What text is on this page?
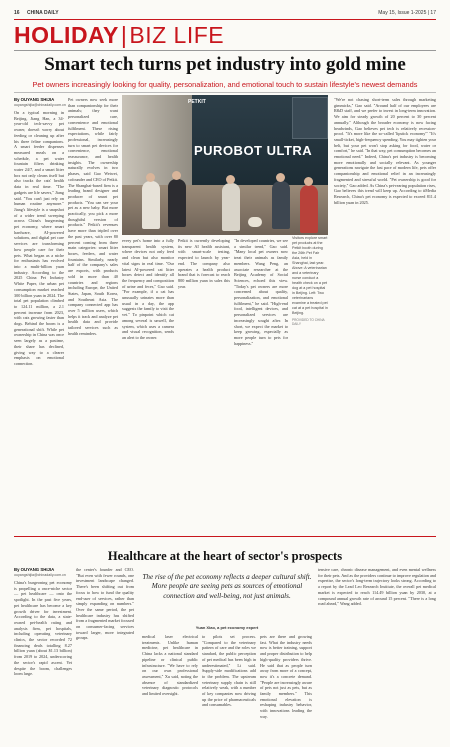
16 CHINA DAILY	May 15, Issue 1-2025 | 17
HOLIDAY|BIZ LIFE
Smart tech turns pet industry into gold mine
Pet owners increasingly looking for quality, personalization, and emotional touch to sustain lifestyle's newest demands
By OUYANG SHIJIA
ouyangshijia@chinadaily.com.cn
On a typical morning in Beijing, Jiang Han, a 34-year-old tech-savvy pet owner, doesn't worry about feeding or cleaning up after his three feline companions. A smart feeder dispenses measured meals on a schedule, a pet water fountain filters drinking water 24/7, and a smart litter box not only cleans itself but also tracks the cats' health data in real time. "The gadgets are life savers," Jiang said. "You can't just rely on human routine anymore." Jiang's lifestyle is a snapshot of a wider trend sweeping across China's burgeoning pet economy, where smart hardware, AI-powered solutions, and digital pet care services are transforming how people care for their pets. What began as a niche for enthusiasts has evolved into a multi-billion yuan industry. According to the 2025 China Pet Industry White Paper, the urban pet consumption market reached 300 billion yuan in 2024. The total pet population climbed to 124.11 million, a 2.1 percent increase from 2023, with cats growing faster than dogs. Behind the boom is a generational shift. While pet ownership in China was once seen largely as a pastime, their share has declined, giving way to a clearer emphasis on emotional connection.
Pet owners now seek more than companionship for their animals; they want personalized care, convenience and emotional fulfilment. These rising expectations, while fairly professional, increasingly turn to smart pet devices for convenience, emotional reassurance, and health insights. The ownership naturally evolves in two phases, said Gao Weiwei, cofounder and CEO of Petkit. The Shanghai-based firm is a leading brand designer and producer of smart pet products. "You can see your pet as a new baby. But more practically, you pick a more thoughtful version of products." Petkit's revenues have more than tripled over the past years, with over 80 percent coming from three main categories: smart litter boxes, feeders, and water fountains. Similarly, nearly half of the company's sales are exports, with products sold in more than 40 countries and regions including Europe, the United States, Japan, South Korea, and Southeast Asia. The company connected app has over 5 million users, which helps it track and analyze pet health data and provide tailored services such as health reminders.
PETKIT
PUROBOT ULTRA
every pet's home into a fully transparent health system, where devices not only feed and clean but also monitor vital signs in real time. "Our latest AI-powered cat litter boxes detect and identify all the frequency and composition of urine and feces," Gao said. "For example, if a cat has unusually urinates more than usual in a day, the app suggests the family to visit the vet." To pinpoint which cat among several is unwell, the system, which uses a camera and visual recognition, sends an alert to the owner.
Petkit is currently developing its new AI health assistant, with smart-scale testing, expected to launch by year-end. The company also operates a health product brand that is forecast to reach 800 million yuan in sales this year.
"In developed countries, we see a similar trend," Gao said. "Many local pet owners now treat their animals as family members. Wang Peng, an associate researcher at the Beijing Academy of Social Sciences, echoed this view. "Today's pet owners are more concerned about quality, personalization, and emotional fulfilment," he said. "High-end food, intelligent devices, and personalized services are increasingly sought after. In short, we expect the market to keep growing, especially as more people turn to pets for happiness."
Visitors explore smart pet products at the Petkit booth during the 26th Pet Fair Asia, held in Shanghai, last year. Above: A veterinarian and a veterinary nurse conduct a health check on a pet dog at a pet hospital in Beijing. Left: Two veterinarians examine a treated pet cat at a pet hospital in Beijing.
PROVIDED TO CHINA DAILY
"We're not chasing short-term sales through marketing gimmicks," Gao said. "Around half of our employees are R&D staff, and we prefer to invest in long-term innovation. We aim for steady growth of 20 percent to 30 percent annually." Although the broader economy is now facing headwinds, Gao believes pet tech is relatively recession-proof. "It's more like the so-called 'lipstick economy'" "It's small-ticket, high-frequency spending. You may tighten your belt, but your pet won't stop asking for food, water or comfort," he said. "In that way, pet consumption becomes an emotional need." Indeed, China's pet industry is becoming more emotionally and socially relevant. As younger generations navigate the fast pace of modern life, pets offer companionship and emotional relief in an increasingly fragmented and stressful world. "Pet ownership is good for society," Gao added. As China's pet-rearing population rises, Gao believes this trend will keep up. According to iiMedia Research, China's pet economy is expected to exceed 811.4 billion yuan in 2025.
Healthcare at the heart of sector's prospects
By OUYANG SHIJIA
ouyangshijia@chinadaily.com.cn
China's burgeoning pet economy is propelling a once-niche sector — pet healthcare — onto the spotlight. In the past five years, pet healthcare has become a key growth driver for investment. According to the data, a state-owned pet-health rating and analysis firm, pet hospitals, including operating veterinary clinics, the sector recorded 72 financing deals totalling 8.27 billion yuan (about $1.13 billion) from 2019 to 2024, underscoring the sector's rapid ascent. Yet despite the boom, challenges loom large.
the center's founder and CEO. "But even with fewer rounds, one investment landscape changed. There's been shifting out from focus to how to fund the quality end-user of services, rather than simply expanding on numbers." Over the same period, the pet healthcare industry has shifted from a fragmented market focused on consumer-facing services toward larger, more integrated groups.
The rise of the pet economy reflects a deeper cultural shift. More people are seeing pets as sources of emotional connection and well-being, not just animals.
Yuan Xiao, a pet economy expert
medical laser electrical treatments. Unlike human medicine, pet healthcare in China lacks a national standard pipeline or clinical public infrastructure. "We have to rely on our own professional assessment," Xu said, noting the absence of standardized veterinary diagnostic protocols and limited oversight.
to pilots set process. "Compared to the veterinary pattern of care and the roles we standard, the public perception of pet medical has been high in underestimated," Li said. Supply-side modifications add to the problem. The upstream veterinary supply chain is still relatively weak, with a number of key companies now driving up the price of pharmaceuticals and consumables.
pets are there and growing fast. What the industry needs now is better training, support and proper distribution to help high-quality providers thrive. He said that as people turn away from more of a concept, now it's a concrete demand. "People are increasingly aware of pets not just as pets, but as family members." This emotional elevation is reshaping industry behavior, with innovations leading the way.
tensive care, chronic disease management, and even mental wellness for their pets. And as the providers continue to improve regulation and expertise, the sector's long-term trajectory looks strong. According to a report by the Lead Leo Research Institute, the overall pet medical market is expected to reach 114.49 billion yuan by 2030, at a compound annual growth rate of around 15 percent. "There is a long road ahead," Wang added.
